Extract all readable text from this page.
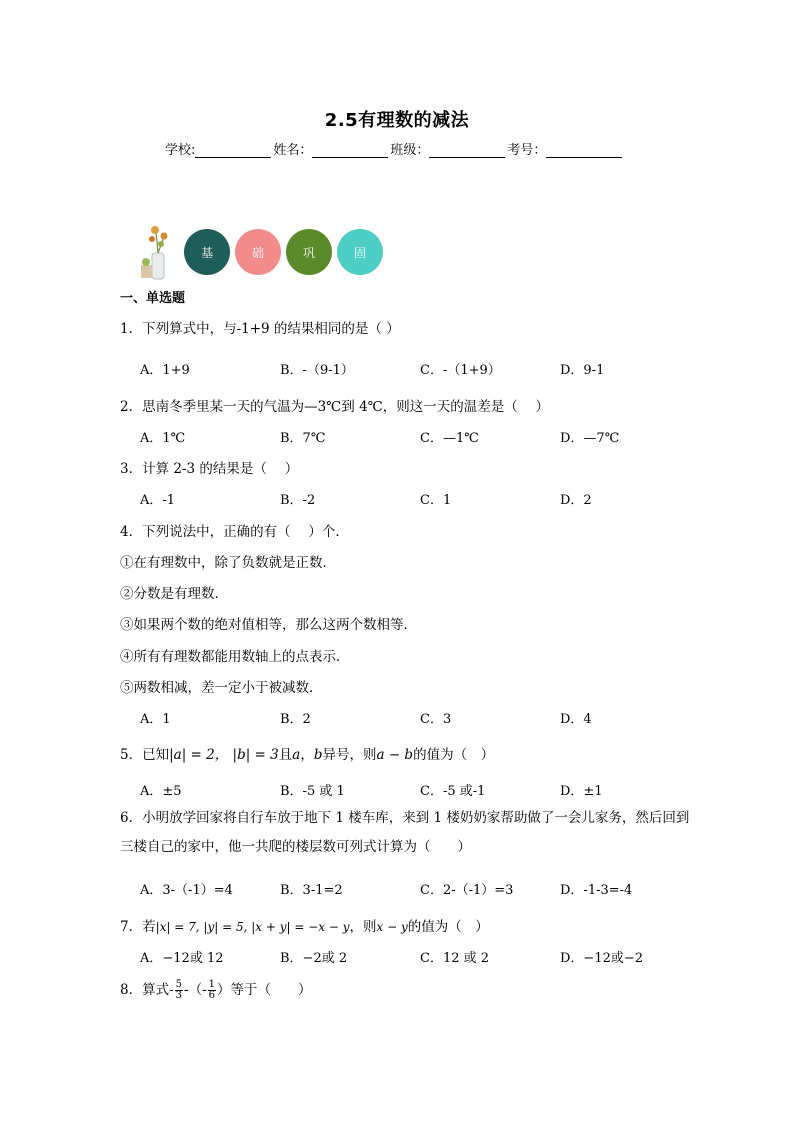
2.5有理数的减法
学校:	姓名：	班级：	考号：
基	础	巩	固
一、单选题
1．下列算式中，与-1+9 的结果相同的是（ ）
A．1+9	B．-（9-1）	C．-（1+9）	D．9-1
2．思南冬季里某一天的气温为—3℃到 4℃，则这一天的温差是（　 ）
A．1℃	B．7℃	C．—1℃	D．—7℃
3．计算 2-3 的结果是（　 ）
A．-1	B．-2	C．1	D．2
4．下列说法中，正确的有（　 ）个．
①在有理数中，除了负数就是正数．
②分数是有理数．
③如果两个数的绝对值相等，那么这两个数相等．
④所有有理数都能用数轴上的点表示．
⑤两数相减，差一定小于被减数．
A．1	B．2	C．3	D．4
5．已知|a| = 2， |b| = 3且a，b异号，则a − b的值为（　）
A．±5	B．-5 或 1	C．-5 或-1	D．±1
6．小明放学回家将自行车放于地下 1 楼车库，来到 1 楼奶奶家帮助做了一会儿家务，然后回到三楼自己的家中，他一共爬的楼层数可列式计算为（　　）
A．3-（-1）=4	B．3-1=2	C．2-（-1）=3	D．-1-3=-4
7．若|x| = 7, |y| = 5, |x + y| = −x − y，则x − y的值为（　）
A．−12或 12	B．−2或 2	C．12 或 2	D．−12或−2
8．算式- $\frac{5}{3}$ -（- $\frac{1}{6}$ ）等于（　　）
